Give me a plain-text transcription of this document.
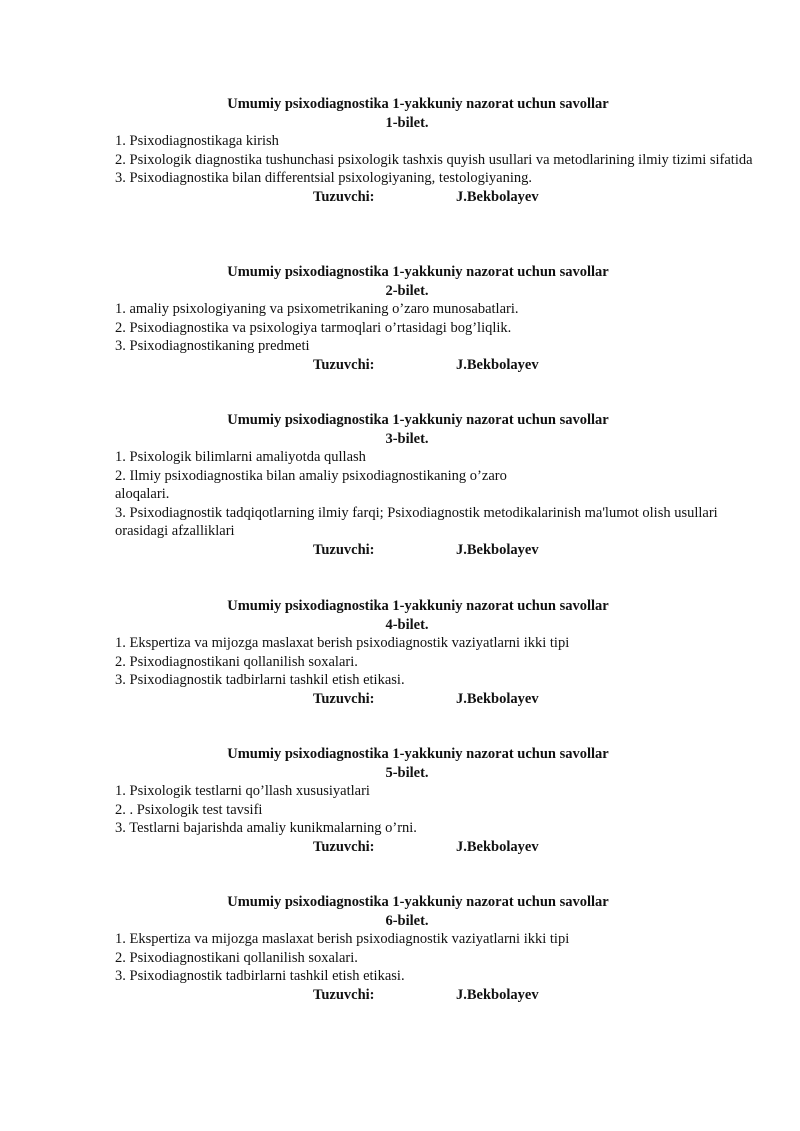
Umumiy psixodiagnostika 1-yakkuniy nazorat uchun savollar
1-bilet.
1. Psixodiagnostikaga kirish
2. Psixologik diagnostika tushunchasi psixologik tashxis quyish usullari va metodlarining ilmiy tizimi sifatida
3. Psixodiagnostika bilan differentsial psixologiyaning, testologiyaning.
Tuzuvchi:	J.Bekbolayev
Umumiy psixodiagnostika 1-yakkuniy nazorat uchun savollar
2-bilet.
1. amaliy psixologiyaning va psixometrikaning o’zaro munosabatlari.
2. Psixodiagnostika va psixologiya tarmoqlari o’rtasidagi bog’liqlik.
3. Psixodiagnostikaning predmeti
Tuzuvchi:	J.Bekbolayev
Umumiy psixodiagnostika 1-yakkuniy nazorat uchun savollar
3-bilet.
1. Psixologik bilimlarni amaliyotda qullash
2. Ilmiy psixodiagnostika bilan amaliy psixodiagnostikaning o’zaro aloqalari.
3. Psixodiagnostik tadqiqotlarning ilmiy farqi; Psixodiagnostik metodikalarinish ma'lumot olish usullari orasidagi afzalliklari
Tuzuvchi:	J.Bekbolayev
Umumiy psixodiagnostika 1-yakkuniy nazorat uchun savollar
4-bilet.
1. Ekspertiza va mijozga maslaxat berish psixodiagnostik vaziyatlarni ikki tipi
2. Psixodiagnostikani qollanilish soxalari.
3. Psixodiagnostik tadbirlarni tashkil etish etikasi.
Tuzuvchi:	J.Bekbolayev
Umumiy psixodiagnostika 1-yakkuniy nazorat uchun savollar
5-bilet.
1. Psixologik testlarni qo’llash xususiyatlari
2. . Psixologik test tavsifi
3. Testlarni bajarishda amaliy kunikmalarning o’rni.
Tuzuvchi:	J.Bekbolayev
Umumiy psixodiagnostika 1-yakkuniy nazorat uchun savollar
6-bilet.
1. Ekspertiza va mijozga maslaxat berish psixodiagnostik vaziyatlarni ikki tipi
2. Psixodiagnostikani qollanilish soxalari.
3. Psixodiagnostik tadbirlarni tashkil etish etikasi.
Tuzuvchi:	J.Bekbolayev
